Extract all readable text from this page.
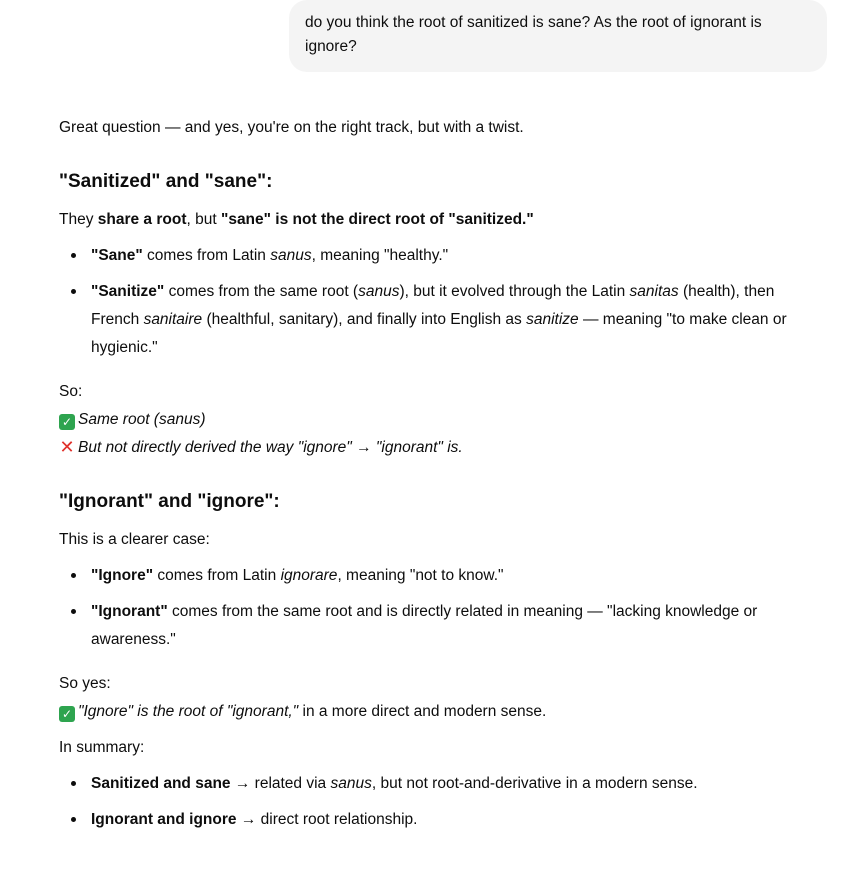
do you think the root of sanitized is sane? As the root of ignorant is ignore?

Great question — and yes, you're on the right track, but with a twist.

"Sanitized" and "sane":

They share a root, but "sane" is not the direct root of "sanitized."

"Sane" comes from Latin sanus, meaning "healthy."
"Sanitize" comes from the same root (sanus), but it evolved through the Latin sanitas (health), then French sanitaire (healthful, sanitary), and finally into English as sanitize — meaning "to make clean or hygienic."

So:

✓ Same root (sanus)

✕ But not directly derived the way "ignore" → "ignorant" is.

"Ignorant" and "ignore":

This is a clearer case:

"Ignore" comes from Latin ignorare, meaning "not to know."
"Ignorant" comes from the same root and is directly related in meaning — "lacking knowledge or awareness."

So yes:

✓ "Ignore" is the root of "ignorant," in a more direct and modern sense.

In summary:

Sanitized and sane → related via sanus, but not root-and-derivative in a modern sense.
Ignorant and ignore → direct root relationship.
